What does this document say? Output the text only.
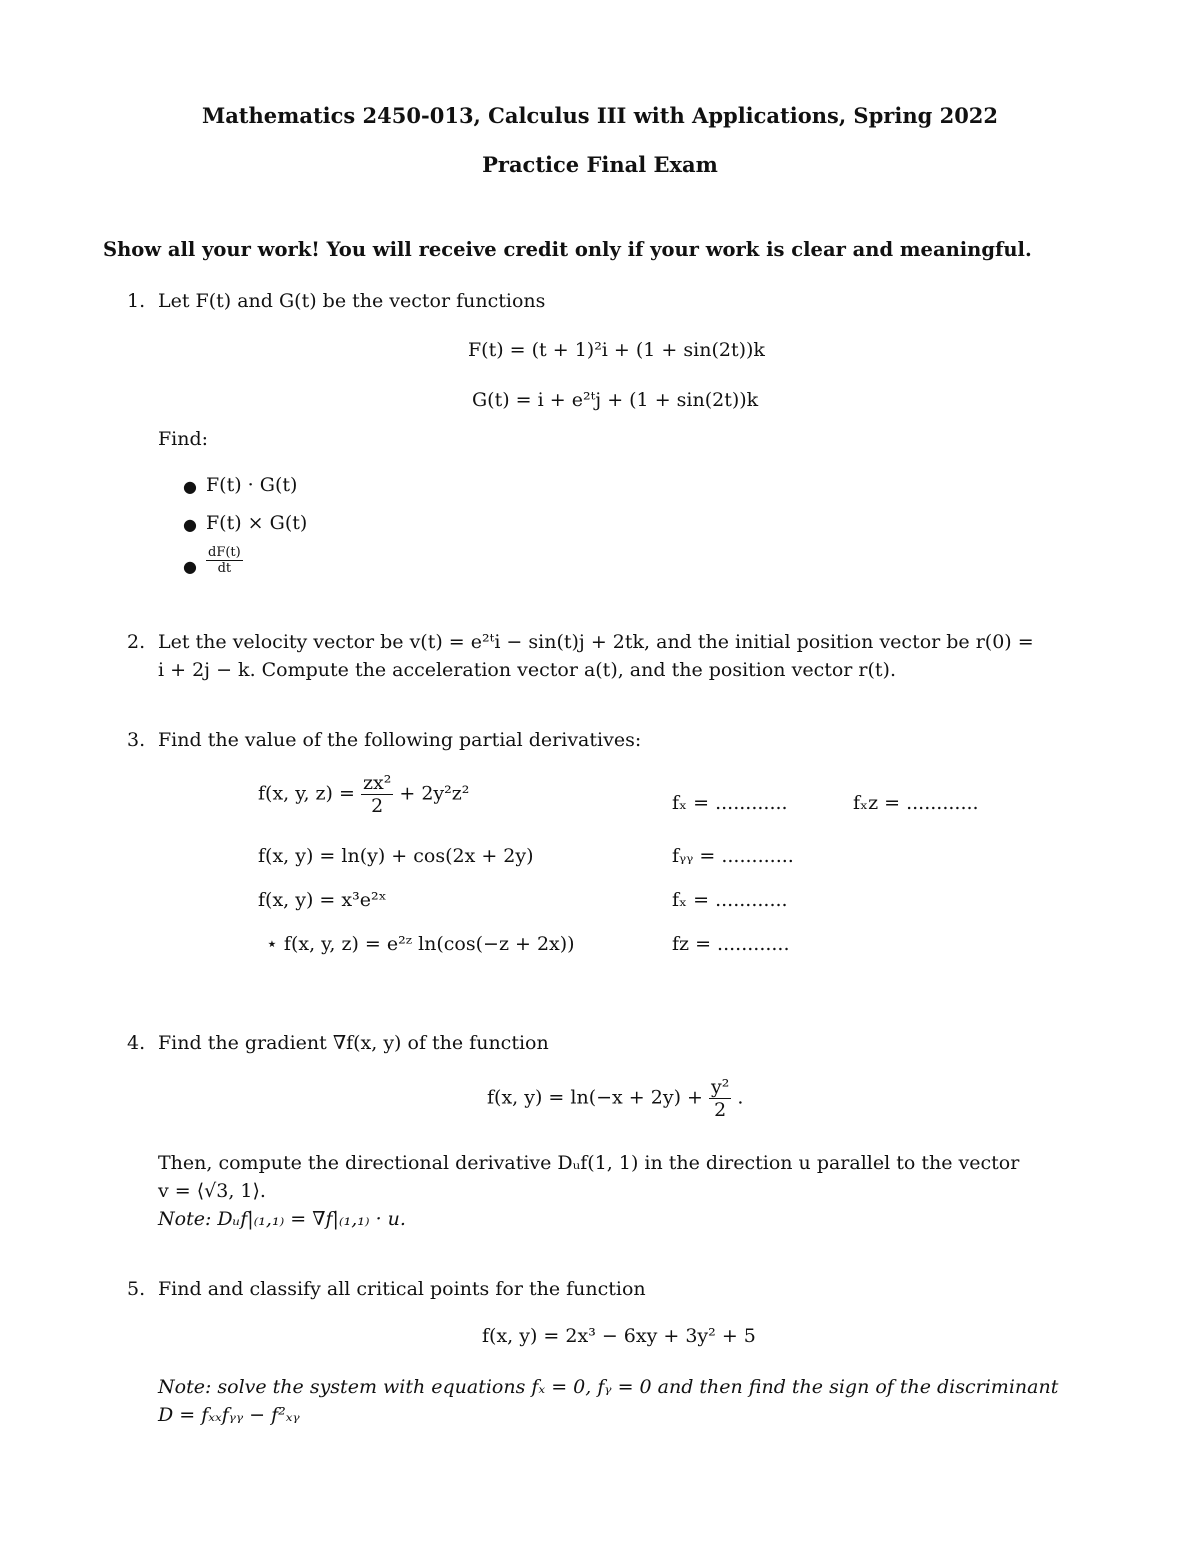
Mathematics 2450-013, Calculus III with Applications, Spring 2022
Practice Final Exam
Show all your work! You will receive credit only if your work is clear and meaningful.
1. Let F(t) and G(t) be the vector functions
F(t) = (t + 1)²i + (1 + sin(2t))k
G(t) = i + e²ᵗj + (1 + sin(2t))k
Find:
● F(t) · G(t)
● F(t) × G(t)
● $\frac{dF(t)}{dt}$
2. Let the velocity vector be v(t) = e²ᵗi − sin(t)j + 2tk, and the initial position vector be r(0) =
i + 2j − k. Compute the acceleration vector a(t), and the position vector r(t).
3. Find the value of the following partial derivatives:
f(x, y, $z) = \frac{\text{zx²}}{2} + 2y^2z^2$	fₓ = ............	fₓz = ............
f(x, y) = ln(y) + cos(2x + 2y)	fᵧᵧ = ............
f(x, y) = x³e²ˣ	fₓ = ............
⋆ f(x, y, z) = e²ᶻ ln(cos(−z + 2x))	fz = ............
4. Find the gradient ∇f(x, y) of the function
f(x, $y) = \ln(-x + 2y) + \frac{\text{y²}}{2}$ .
Then, compute the directional derivative Dᵤf(1, 1) in the direction u parallel to the vector
v = ⟨√3, 1⟩.
Note: Dᵤf|₍₁,₁₎ = ∇f|₍₁,₁₎ · u.
5. Find and classify all critical points for the function
f(x, y) = 2x³ − 6xy + 3y² + 5
Note: solve the system with equations fₓ = 0, fᵧ = 0 and then find the sign of the discriminant
D = fₓₓfᵧᵧ − f²ₓᵧ
